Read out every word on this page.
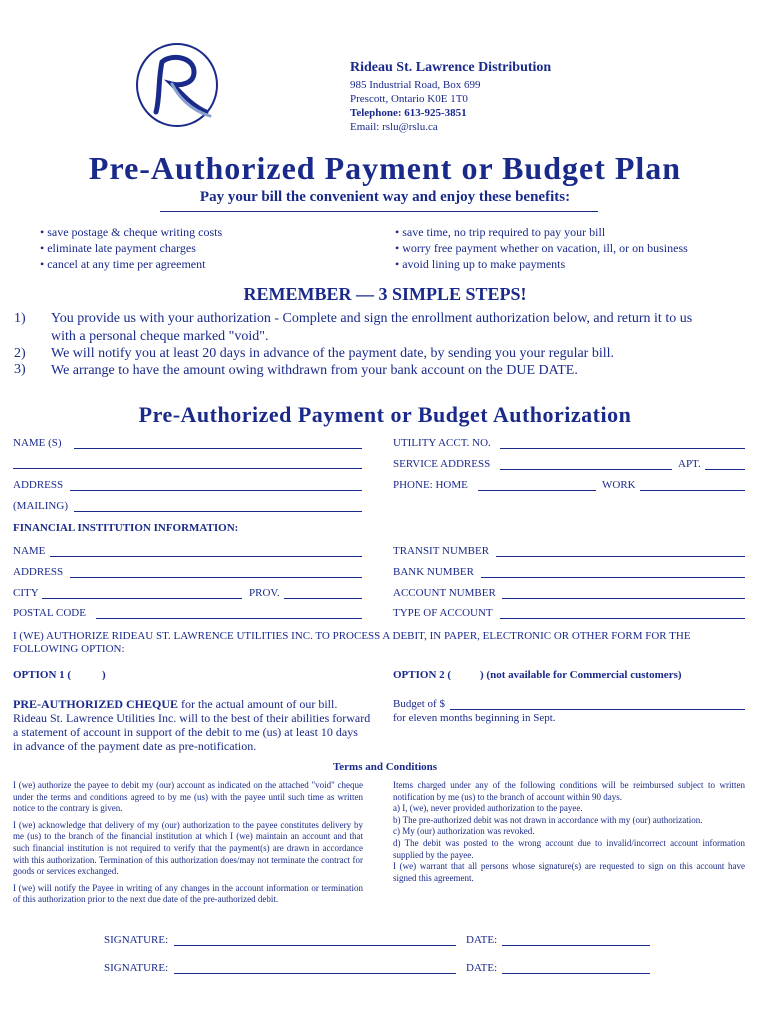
Rideau St. Lawrence Distribution
985 Industrial Road, Box 699
Prescott, Ontario K0E 1T0
Telephone: 613-925-3851
Email: rslu@rslu.ca
Pre-Authorized Payment or Budget Plan
Pay your bill the convenient way and enjoy these benefits:
• save postage & cheque writing costs
• eliminate late payment charges
• cancel at any time per agreement
• save time, no trip required to pay your bill
• worry free payment whether on vacation, ill, or on business
• avoid lining up to make payments
REMEMBER — 3 SIMPLE STEPS!
1) You provide us with your authorization - Complete and sign the enrollment authorization below, and return it to us
with a personal cheque marked "void".
2) We will notify you at least 20 days in advance of the payment date, by sending you your regular bill.
3) We arrange to have the amount owing withdrawn from your bank account on the DUE DATE.
Pre-Authorized Payment or Budget Authorization
NAME (S)
ADDRESS
(MAILING)
UTILITY ACCT. NO.
SERVICE ADDRESS	APT.
PHONE: HOME	WORK
FINANCIAL INSTITUTION INFORMATION:
NAME
ADDRESS
CITY	PROV.
POSTAL CODE
TRANSIT NUMBER
BANK NUMBER
ACCOUNT NUMBER
TYPE OF ACCOUNT
I (WE) AUTHORIZE RIDEAU ST. LAWRENCE UTILITIES INC. TO PROCESS A DEBIT, IN PAPER, ELECTRONIC OR OTHER FORM FOR THE
FOLLOWING OPTION:
OPTION 1 (	)	OPTION 2 (	) (not available for Commercial customers)
PRE-AUTHORIZED CHEQUE for the actual amount of our bill.
Rideau St. Lawrence Utilities Inc. will to the best of their abilities forward
a statement of account in support of the debit to me (us) at least 10 days
in advance of the payment date as pre-notification.
Budget of $
for eleven months beginning in Sept.
Terms and Conditions
I (we) authorize the payee to debit my (our) account as indicated on the attached "void" cheque under the terms and conditions agreed to by me (us) with the payee until such time as written notice to the contrary is given.
I (we) acknowledge that delivery of my (our) authorization to the payee constitutes delivery by me (us) to the branch of the financial institution at which I (we) maintain an account and that such financial institution is not required to verify that the payment(s) are drawn in accordance with this authorization. Termination of this authorization does/may not terminate the contract for goods or services exchanged.
I (we) will notify the Payee in writing of any changes in the account information or termination of this authorization prior to the next due date of the pre-authorized debit.
Items charged under any of the following conditions will be reimbursed subject to written notification by me (us) to the branch of account within 90 days.
a) I, (we), never provided authorization to the payee.
b) The pre-authorized debit was not drawn in accordance with my (our) authorization.
c) My (our) authorization was revoked.
d) The debit was posted to the wrong account due to invalid/incorrect account information supplied by the payee.
I (we) warrant that all persons whose signature(s) are requested to sign on this account have signed this agreement.
SIGNATURE:	DATE:
SIGNATURE:	DATE:
